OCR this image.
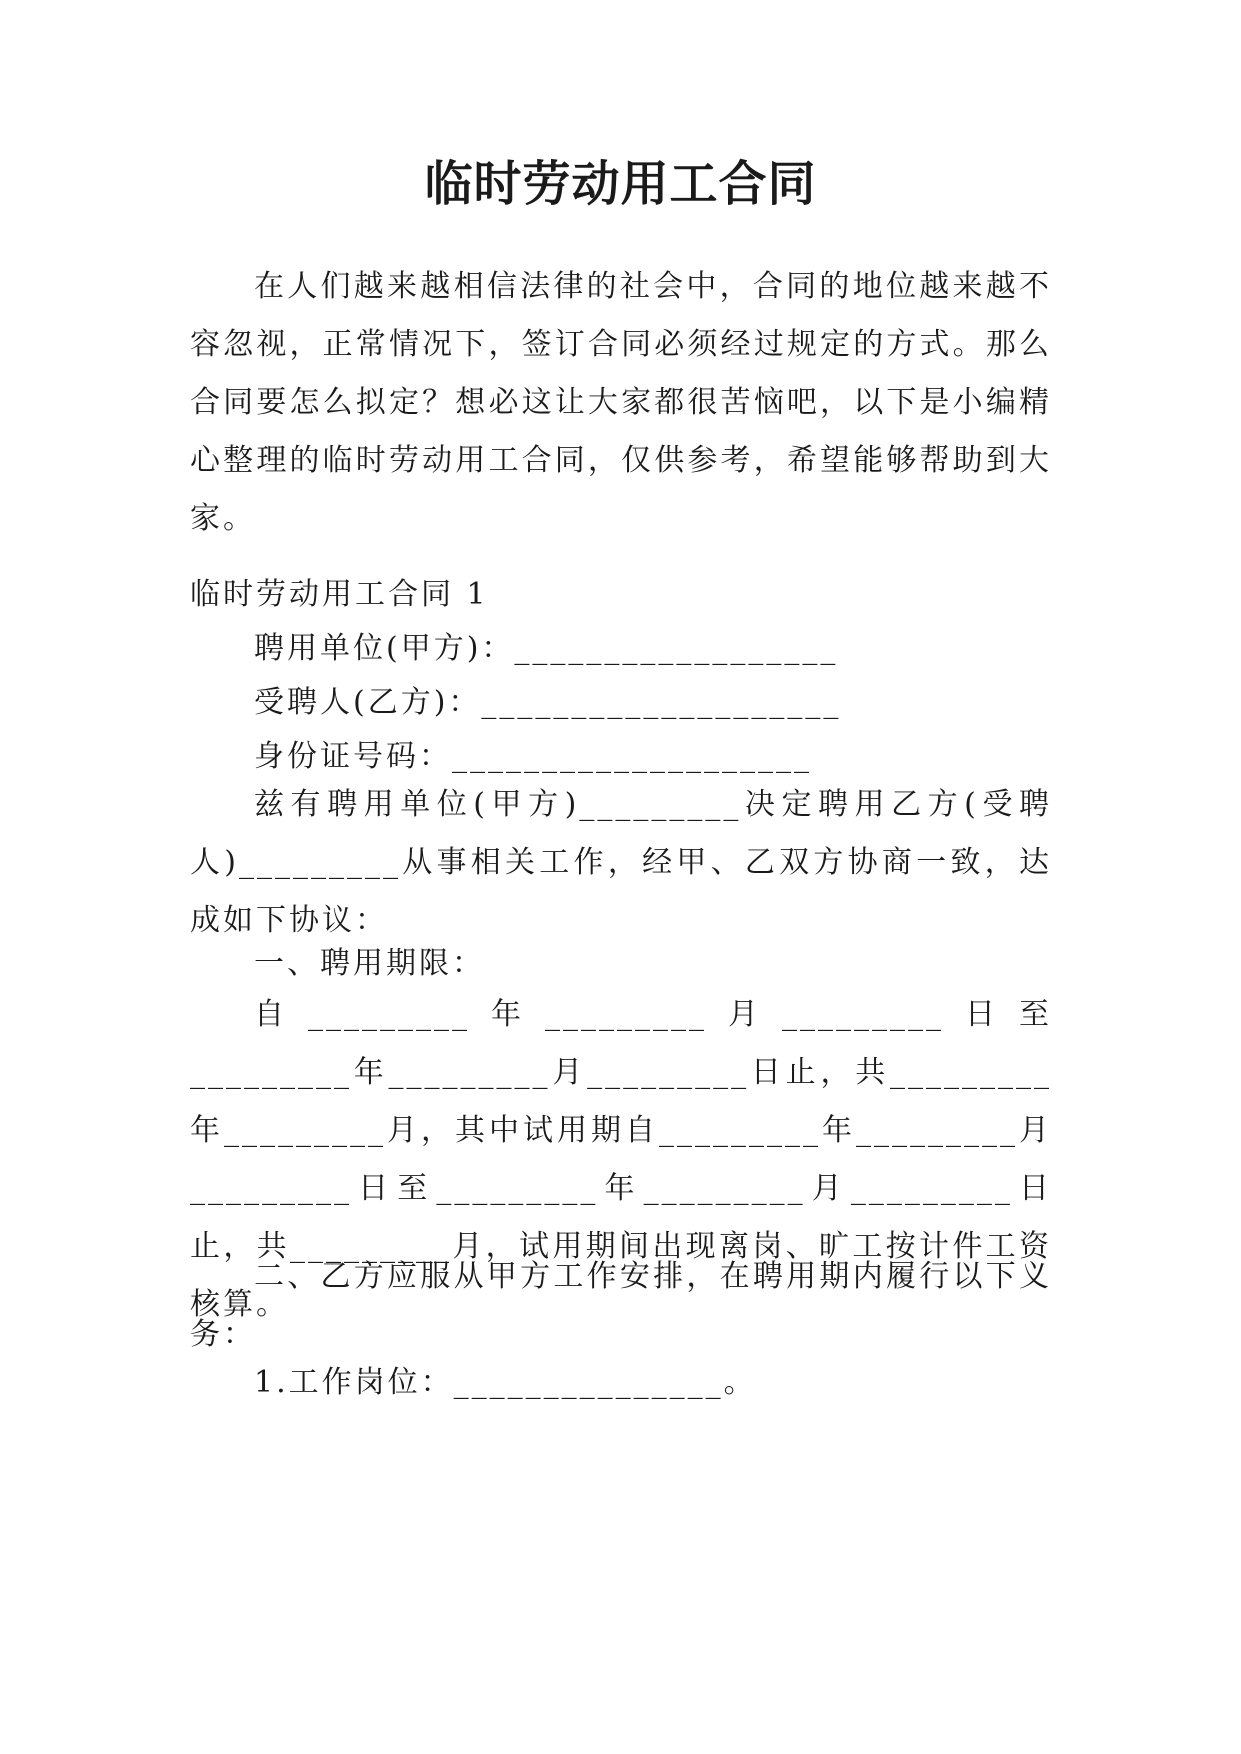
临时劳动用工合同

在人们越来越相信法律的社会中，合同的地位越来越不容忽视，正常情况下，签订合同必须经过规定的方式。那么合同要怎么拟定？想必这让大家都很苦恼吧，以下是小编精心整理的临时劳动用工合同，仅供参考，希望能够帮助到大家。

临时劳动用工合同 1

聘用单位(甲方)：__________________

受聘人(乙方)：____________________

身份证号码：____________________

兹有聘用单位(甲方)_________决定聘用乙方(受聘人)_________从事相关工作，经甲、乙双方协商一致，达成如下协议：

一、聘用期限：

自_________年_________月_________日至_________年_________月_________日止，共_________年_________月，其中试用期自_________年_________月_________日至_________年_________月_________日止，共_________月，试用期间出现离岗、旷工按计件工资核算。

二、乙方应服从甲方工作安排，在聘用期内履行以下义务：

1.工作岗位：_______________。
